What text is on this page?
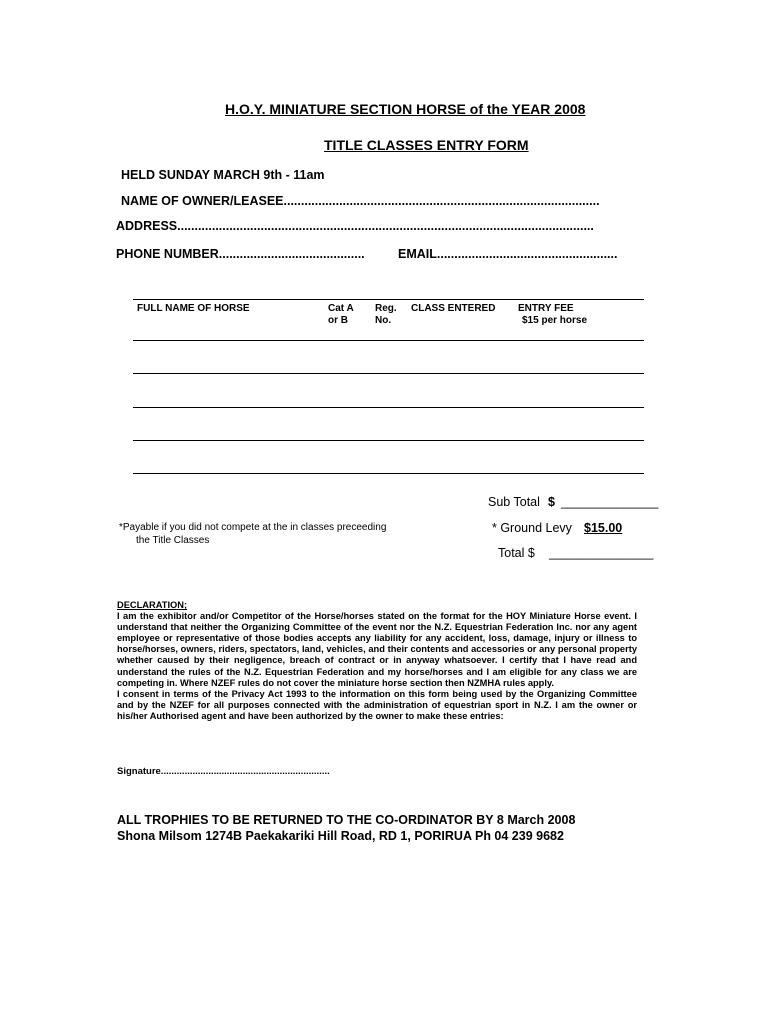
H.O.Y. MINIATURE SECTION HORSE of the YEAR 2008
TITLE CLASSES ENTRY FORM
HELD SUNDAY MARCH 9th - 11am
NAME OF OWNER/LEASEE...........................................................................................
ADDRESS........................................................................................................................
PHONE NUMBER..........................................	EMAIL....................................................
FULL NAME OF HORSE	Cat A
or B
Reg.
No.
CLASS ENTERED ENTRY FEE
$15 per horse
Sub Total $ ______________
* Ground Levy $15.00
Total $ _______________
*Payable if you did not compete at the in classes preceeding
the Title Classes

DECLARATION;

I am the exhibitor and/or Competitor of the Horse/horses stated on the format for the HOY Miniature Horse event. I understand that neither the Organizing Committee of the event nor the N.Z. Equestrian Federation Inc. nor any agent employee or representative of those bodies accepts any liability for any accident, loss, damage, injury or illness to horse/horses, owners, riders, spectators, land, vehicles, and their contents and accessories or any personal property whether caused by their negligence, breach of contract or in anyway whatsoever. I certify that I have read and understand the rules of the N.Z. Equestrian Federation and my horse/horses and I am eligible for any class we are competing in. Where NZEF rules do not cover the miniature horse section then NZMHA rules apply.

I consent in terms of the Privacy Act 1993 to the information on this form being used by the Organizing Committee and by the NZEF for all purposes connected with the administration of equestrian sport in N.Z. I am the owner or his/her Authorised agent and have been authorized by the owner to make these entries:

Signature................................................................
ALL TROPHIES TO BE RETURNED TO THE CO-ORDINATOR BY 8 March 2008
Shona Milsom 1274B Paekakariki Hill Road, RD 1, PORIRUA Ph 04 239 9682
